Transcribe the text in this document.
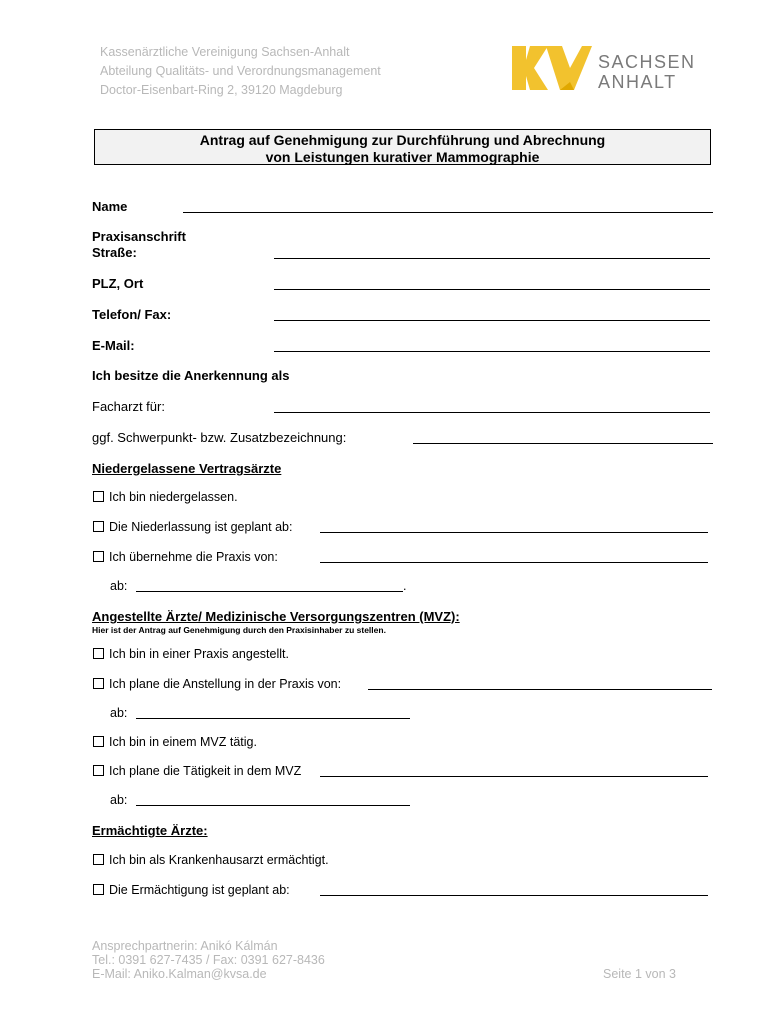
Kassenärztliche Vereinigung Sachsen-Anhalt
Abteilung Qualitäts- und Verordnungsmanagement
Doctor-Eisenbart-Ring 2, 39120 Magdeburg
SACHSEN
ANHALT
Antrag auf Genehmigung zur Durchführung und Abrechnung
von Leistungen kurativer Mammographie
Name
Praxisanschrift
Straße:
PLZ, Ort
Telefon/ Fax:
E-Mail:
Ich besitze die Anerkennung als
Facharzt für:
ggf. Schwerpunkt- bzw. Zusatzbezeichnung:
Niedergelassene Vertragsärzte
Ich bin niedergelassen.
Die Niederlassung ist geplant ab:
Ich übernehme die Praxis von:
ab:	.
Angestellte Ärzte/ Medizinische Versorgungszentren (MVZ):
Hier ist der Antrag auf Genehmigung durch den Praxisinhaber zu stellen.
Ich bin in einer Praxis angestellt.
Ich plane die Anstellung in der Praxis von:
ab:
Ich bin in einem MVZ tätig.
Ich plane die Tätigkeit in dem MVZ
ab:
Ermächtigte Ärzte:
Ich bin als Krankenhausarzt ermächtigt.
Die Ermächtigung ist geplant ab:
Ansprechpartnerin: Anikó Kálmán
Tel.: 0391 627-7435 / Fax: 0391 627-8436
E-Mail: Aniko.Kalman@kvsa.de	Seite 1 von 3
